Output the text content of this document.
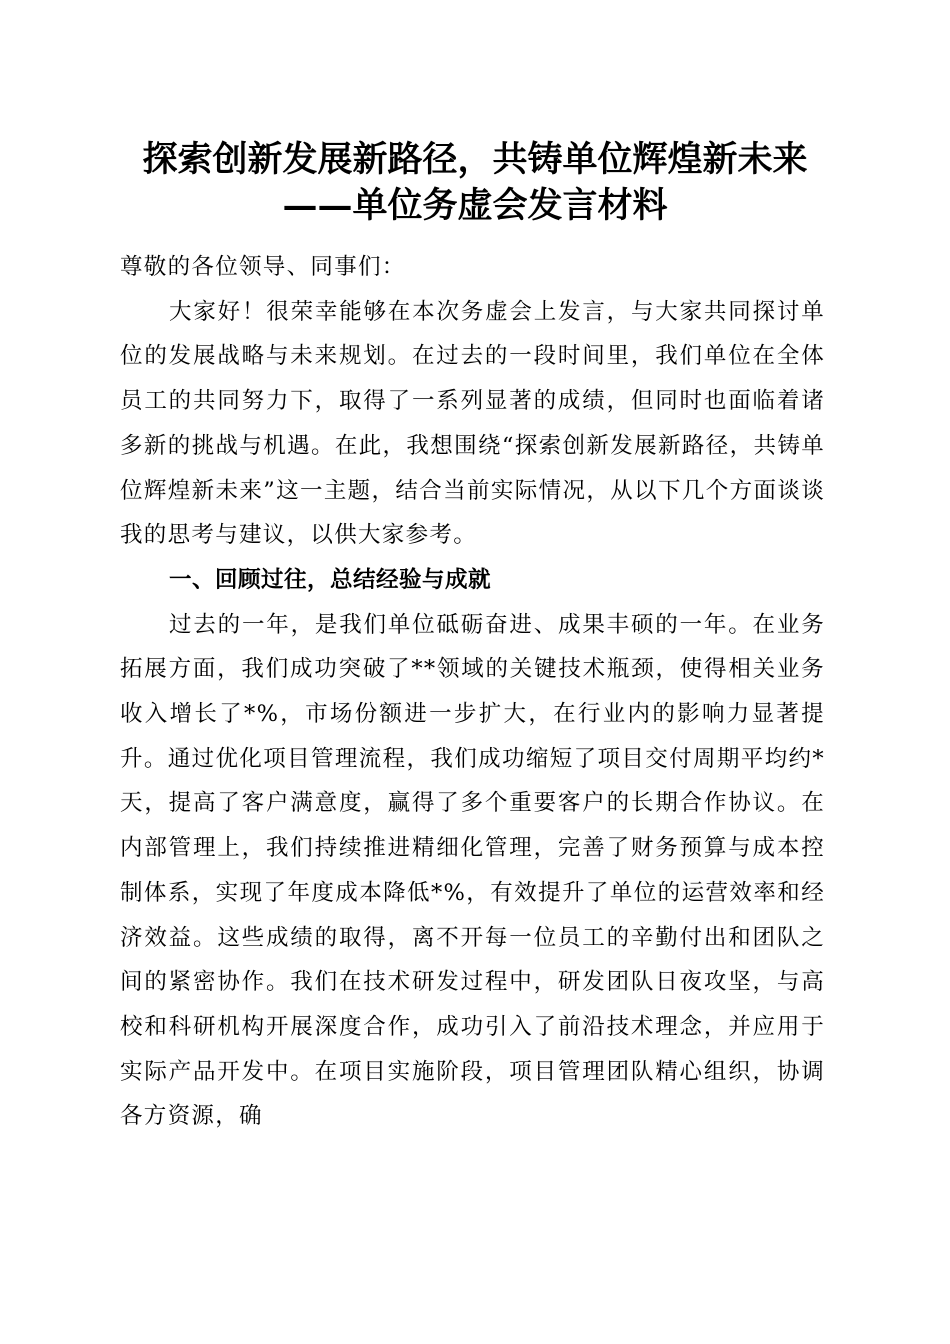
探索创新发展新路径，共铸单位辉煌新未来
——单位务虚会发言材料

尊敬的各位领导、同事们：

大家好！很荣幸能够在本次务虚会上发言，与大家共同探讨单位的发展战略与未来规划。在过去的一段时间里，我们单位在全体员工的共同努力下，取得了一系列显著的成绩，但同时也面临着诸多新的挑战与机遇。在此，我想围绕“探索创新发展新路径，共铸单位辉煌新未来”这一主题，结合当前实际情况，从以下几个方面谈谈我的思考与建议，以供大家参考。

一、回顾过往，总结经验与成就

过去的一年，是我们单位砥砺奋进、成果丰硕的一年。在业务拓展方面，我们成功突破了**领域的关键技术瓶颈，使得相关业务收入增长了*%，市场份额进一步扩大，在行业内的影响力显著提升。通过优化项目管理流程，我们成功缩短了项目交付周期平均约*天，提高了客户满意度，赢得了多个重要客户的长期合作协议。在内部管理上，我们持续推进精细化管理，完善了财务预算与成本控制体系，实现了年度成本降低*%，有效提升了单位的运营效率和经济效益。这些成绩的取得，离不开每一位员工的辛勤付出和团队之间的紧密协作。我们在技术研发过程中，研发团队日夜攻坚，与高校和科研机构开展深度合作，成功引入了前沿技术理念，并应用于实际产品开发中。在项目实施阶段，项目管理团队精心组织，协调各方资源，确
